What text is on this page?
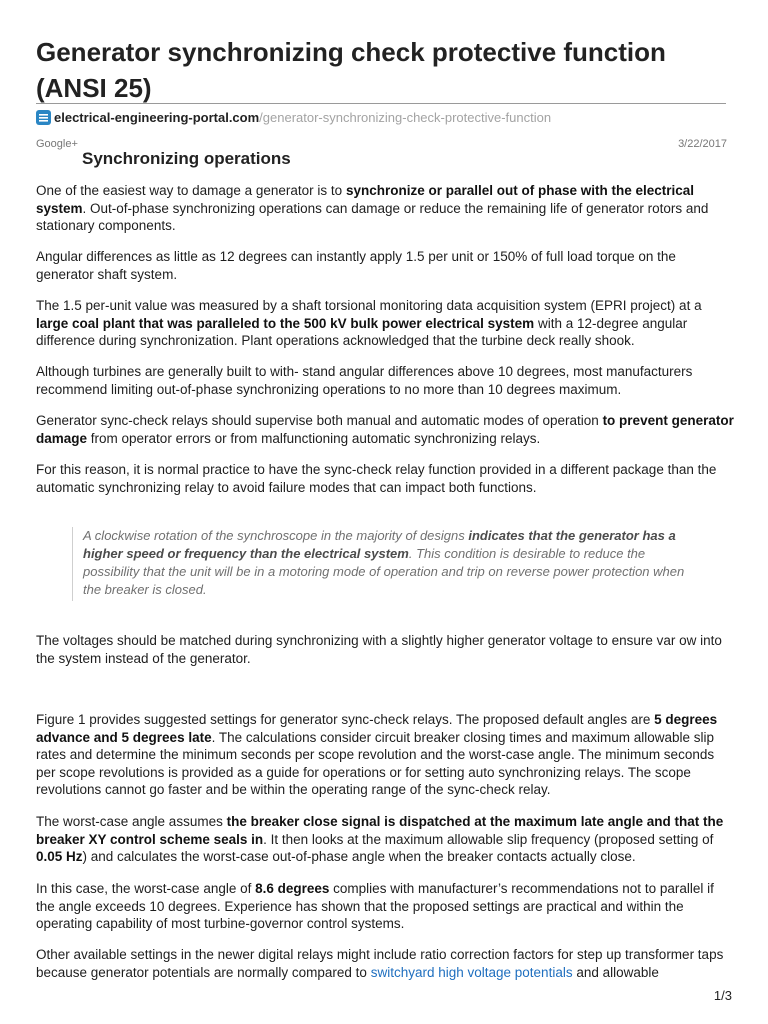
Generator synchronizing check protective function (ANSI 25)
electrical-engineering-portal.com/generator-synchronizing-check-protective-function
Google+	3/22/2017
Synchronizing operations

One of the easiest way to damage a generator is to synchronize or parallel out of phase with the electrical system. Out-of-phase synchronizing operations can damage or reduce the remaining life of generator rotors and stationary components.

Angular differences as little as 12 degrees can instantly apply 1.5 per unit or 150% of full load torque on the generator shaft system.

The 1.5 per-unit value was measured by a shaft torsional monitoring data acquisition system (EPRI project) at a large coal plant that was paralleled to the 500 kV bulk power electrical system with a 12-degree angular difference during synchronization. Plant operations acknowledged that the turbine deck really shook.

Although turbines are generally built to with- stand angular differences above 10 degrees, most manufacturers recommend limiting out-of-phase synchronizing operations to no more than 10 degrees maximum.

Generator sync-check relays should supervise both manual and automatic modes of operation to prevent generator damage from operator errors or from malfunctioning automatic synchronizing relays.

For this reason, it is normal practice to have the sync-check relay function provided in a different package than the automatic synchronizing relay to avoid failure modes that can impact both functions.

A clockwise rotation of the synchroscope in the majority of designs indicates that the generator has a higher speed or frequency than the electrical system. This condition is desirable to reduce the possibility that the unit will be in a motoring mode of operation and trip on reverse power protection when the breaker is closed.

The voltages should be matched during synchronizing with a slightly higher generator voltage to ensure var ow into the system instead of the generator.

Figure 1 provides suggested settings for generator sync-check relays. The proposed default angles are 5 degrees advance and 5 degrees late. The calculations consider circuit breaker closing times and maximum allowable slip rates and determine the minimum seconds per scope revolution and the worst-case angle. The minimum seconds per scope revolutions is provided as a guide for operations or for setting auto synchronizing relays. The scope revolutions cannot go faster and be within the operating range of the sync-check relay.

The worst-case angle assumes the breaker close signal is dispatched at the maximum late angle and that the breaker XY control scheme seals in. It then looks at the maximum allowable slip frequency (proposed setting of 0.05 Hz) and calculates the worst-case out-of-phase angle when the breaker contacts actually close.

In this case, the worst-case angle of 8.6 degrees complies with manufacturer’s recommendations not to parallel if the angle exceeds 10 degrees. Experience has shown that the proposed settings are practical and within the operating capability of most turbine-governor control systems.

Other available settings in the newer digital relays might include ratio correction factors for step up transformer taps because generator potentials are normally compared to switchyard high voltage potentials and allowable

1/3
